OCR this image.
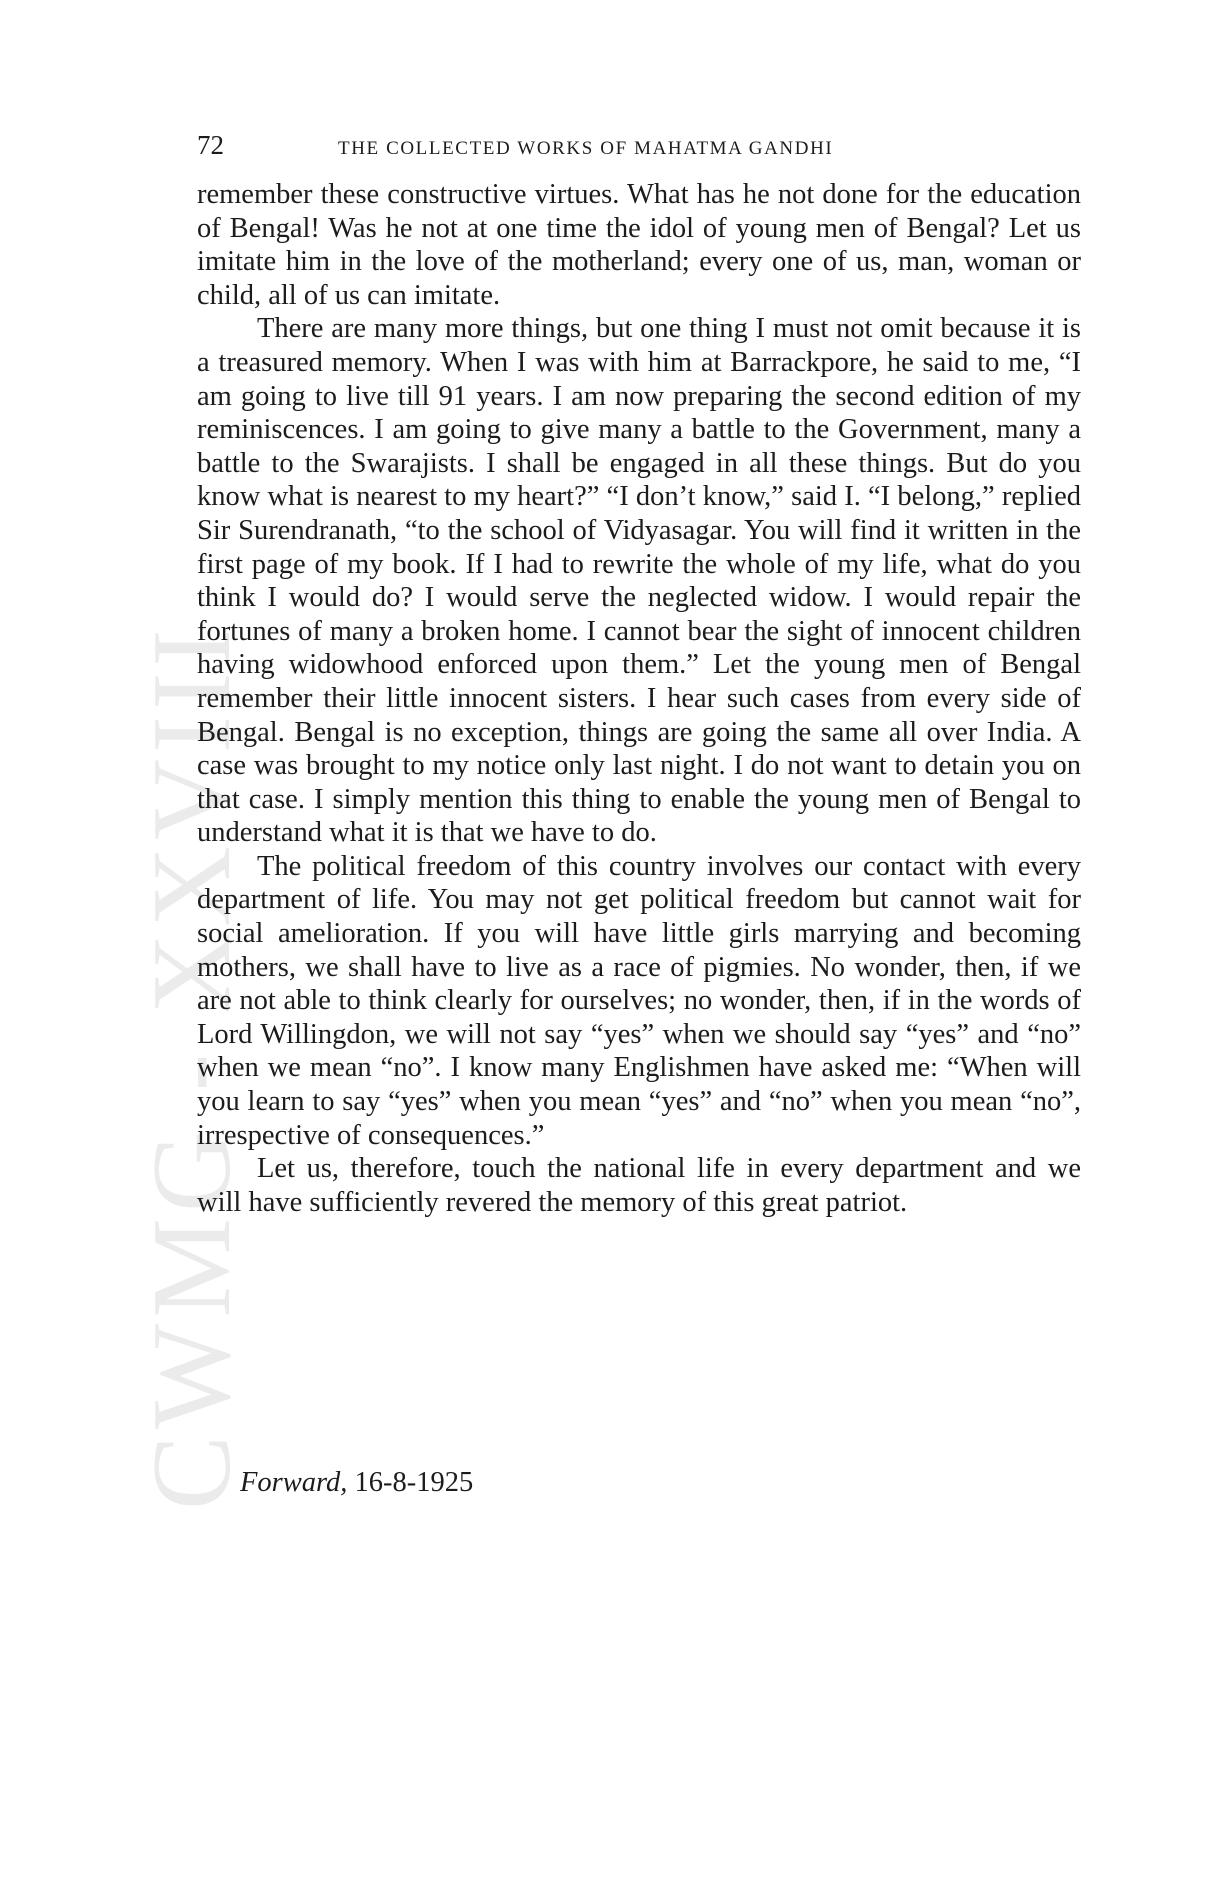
CWMG - XXVIII
72	THE COLLECTED WORKS OF MAHATMA GANDHI

remember these constructive virtues. What has he not done for the education of Bengal! Was he not at one time the idol of young men of Bengal? Let us imitate him in the love of the motherland; every one of us, man, woman or child, all of us can imitate.

There are many more things, but one thing I must not omit because it is a treasured memory. When I was with him at Barrackpore, he said to me, “I am going to live till 91 years. I am now preparing the second edition of my reminiscences. I am going to give many a battle to the Government, many a battle to the Swarajists. I shall be engaged in all these things. But do you know what is nearest to my heart?” “I don’t know,” said I. “I belong,” replied Sir Surendranath, “to the school of Vidyasagar. You will find it written in the first page of my book. If I had to rewrite the whole of my life, what do you think I would do? I would serve the neglected widow. I would repair the fortunes of many a broken home. I cannot bear the sight of innocent children having widowhood enforced upon them.” Let the young men of Bengal remember their little innocent sisters. I hear such cases from every side of Bengal. Bengal is no exception, things are going the same all over India. A case was brought to my notice only last night. I do not want to detain you on that case. I simply mention this thing to enable the young men of Bengal to understand what it is that we have to do.

The political freedom of this country involves our contact with every department of life. You may not get political freedom but cannot wait for social amelioration. If you will have little girls marrying and becoming mothers, we shall have to live as a race of pigmies. No wonder, then, if we are not able to think clearly for ourselves; no wonder, then, if in the words of Lord Willingdon, we will not say “yes” when we should say “yes” and “no” when we mean “no”. I know many Englishmen have asked me: “When will you learn to say “yes” when you mean “yes” and “no” when you mean “no”, irrespective of consequences.”

Let us, therefore, touch the national life in every department and we will have sufficiently revered the memory of this great patriot.

Forward, 16-8-1925
